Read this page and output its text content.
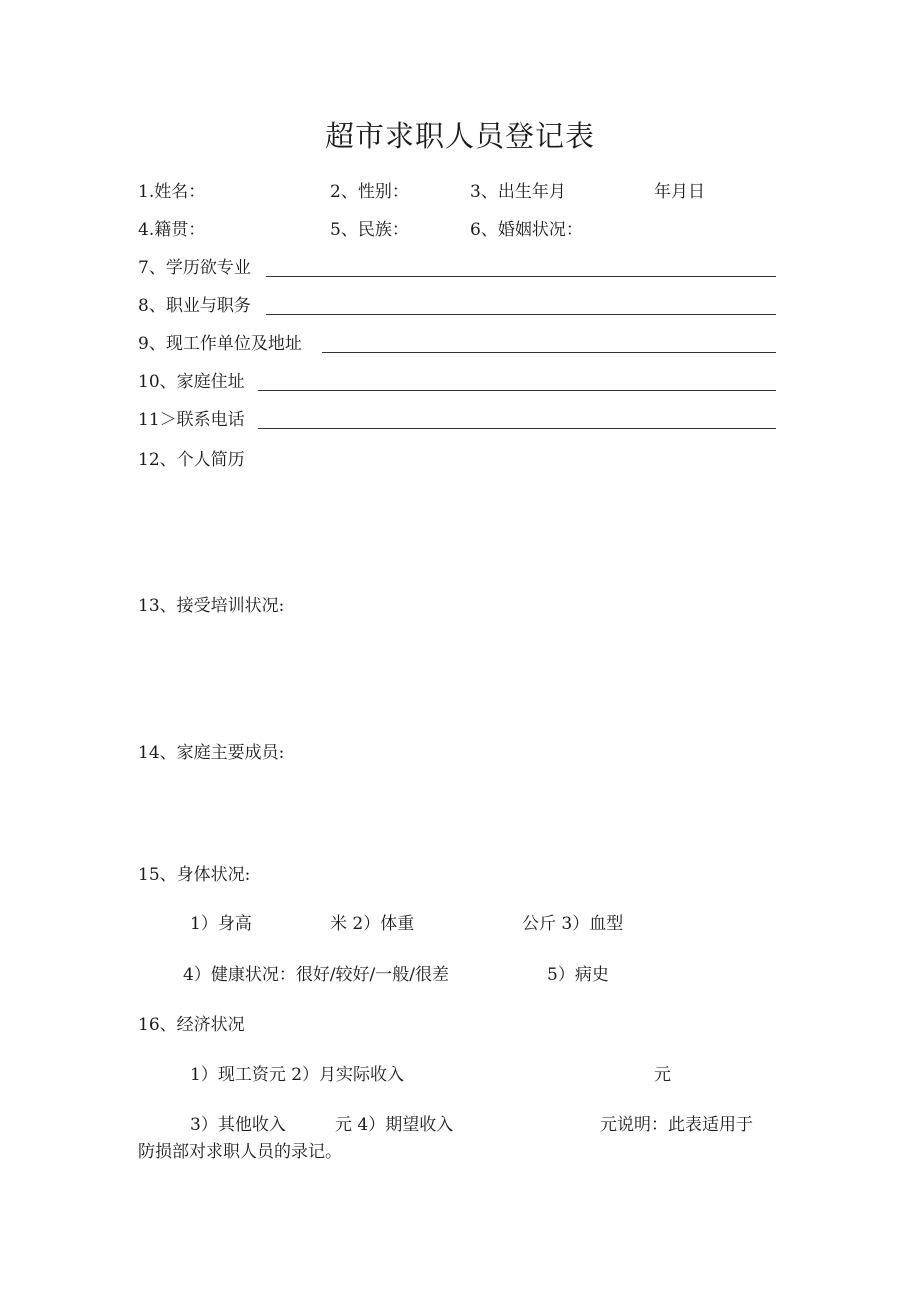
超市求职人员登记表
1.姓名：	2、性别：	3、出生年月	年月日
4.籍贯：	5、民族：	6、婚姻状况：
7、学历欲专业
8、职业与职务
9、现工作单位及地址
10、家庭住址
11＞联系电话
12、个人简历
13、接受培训状况:
14、家庭主要成员:
15、身体状况:
1）身高	米 2）体重	公斤 3）血型
4）健康状况：很好/较好/一般/很差	5）病史
16、经济状况
1）现工资元 2）月实际收入	元
3）其他收入	元 4）期望收入	元说明：此表适用于
防损部对求职人员的录记。
